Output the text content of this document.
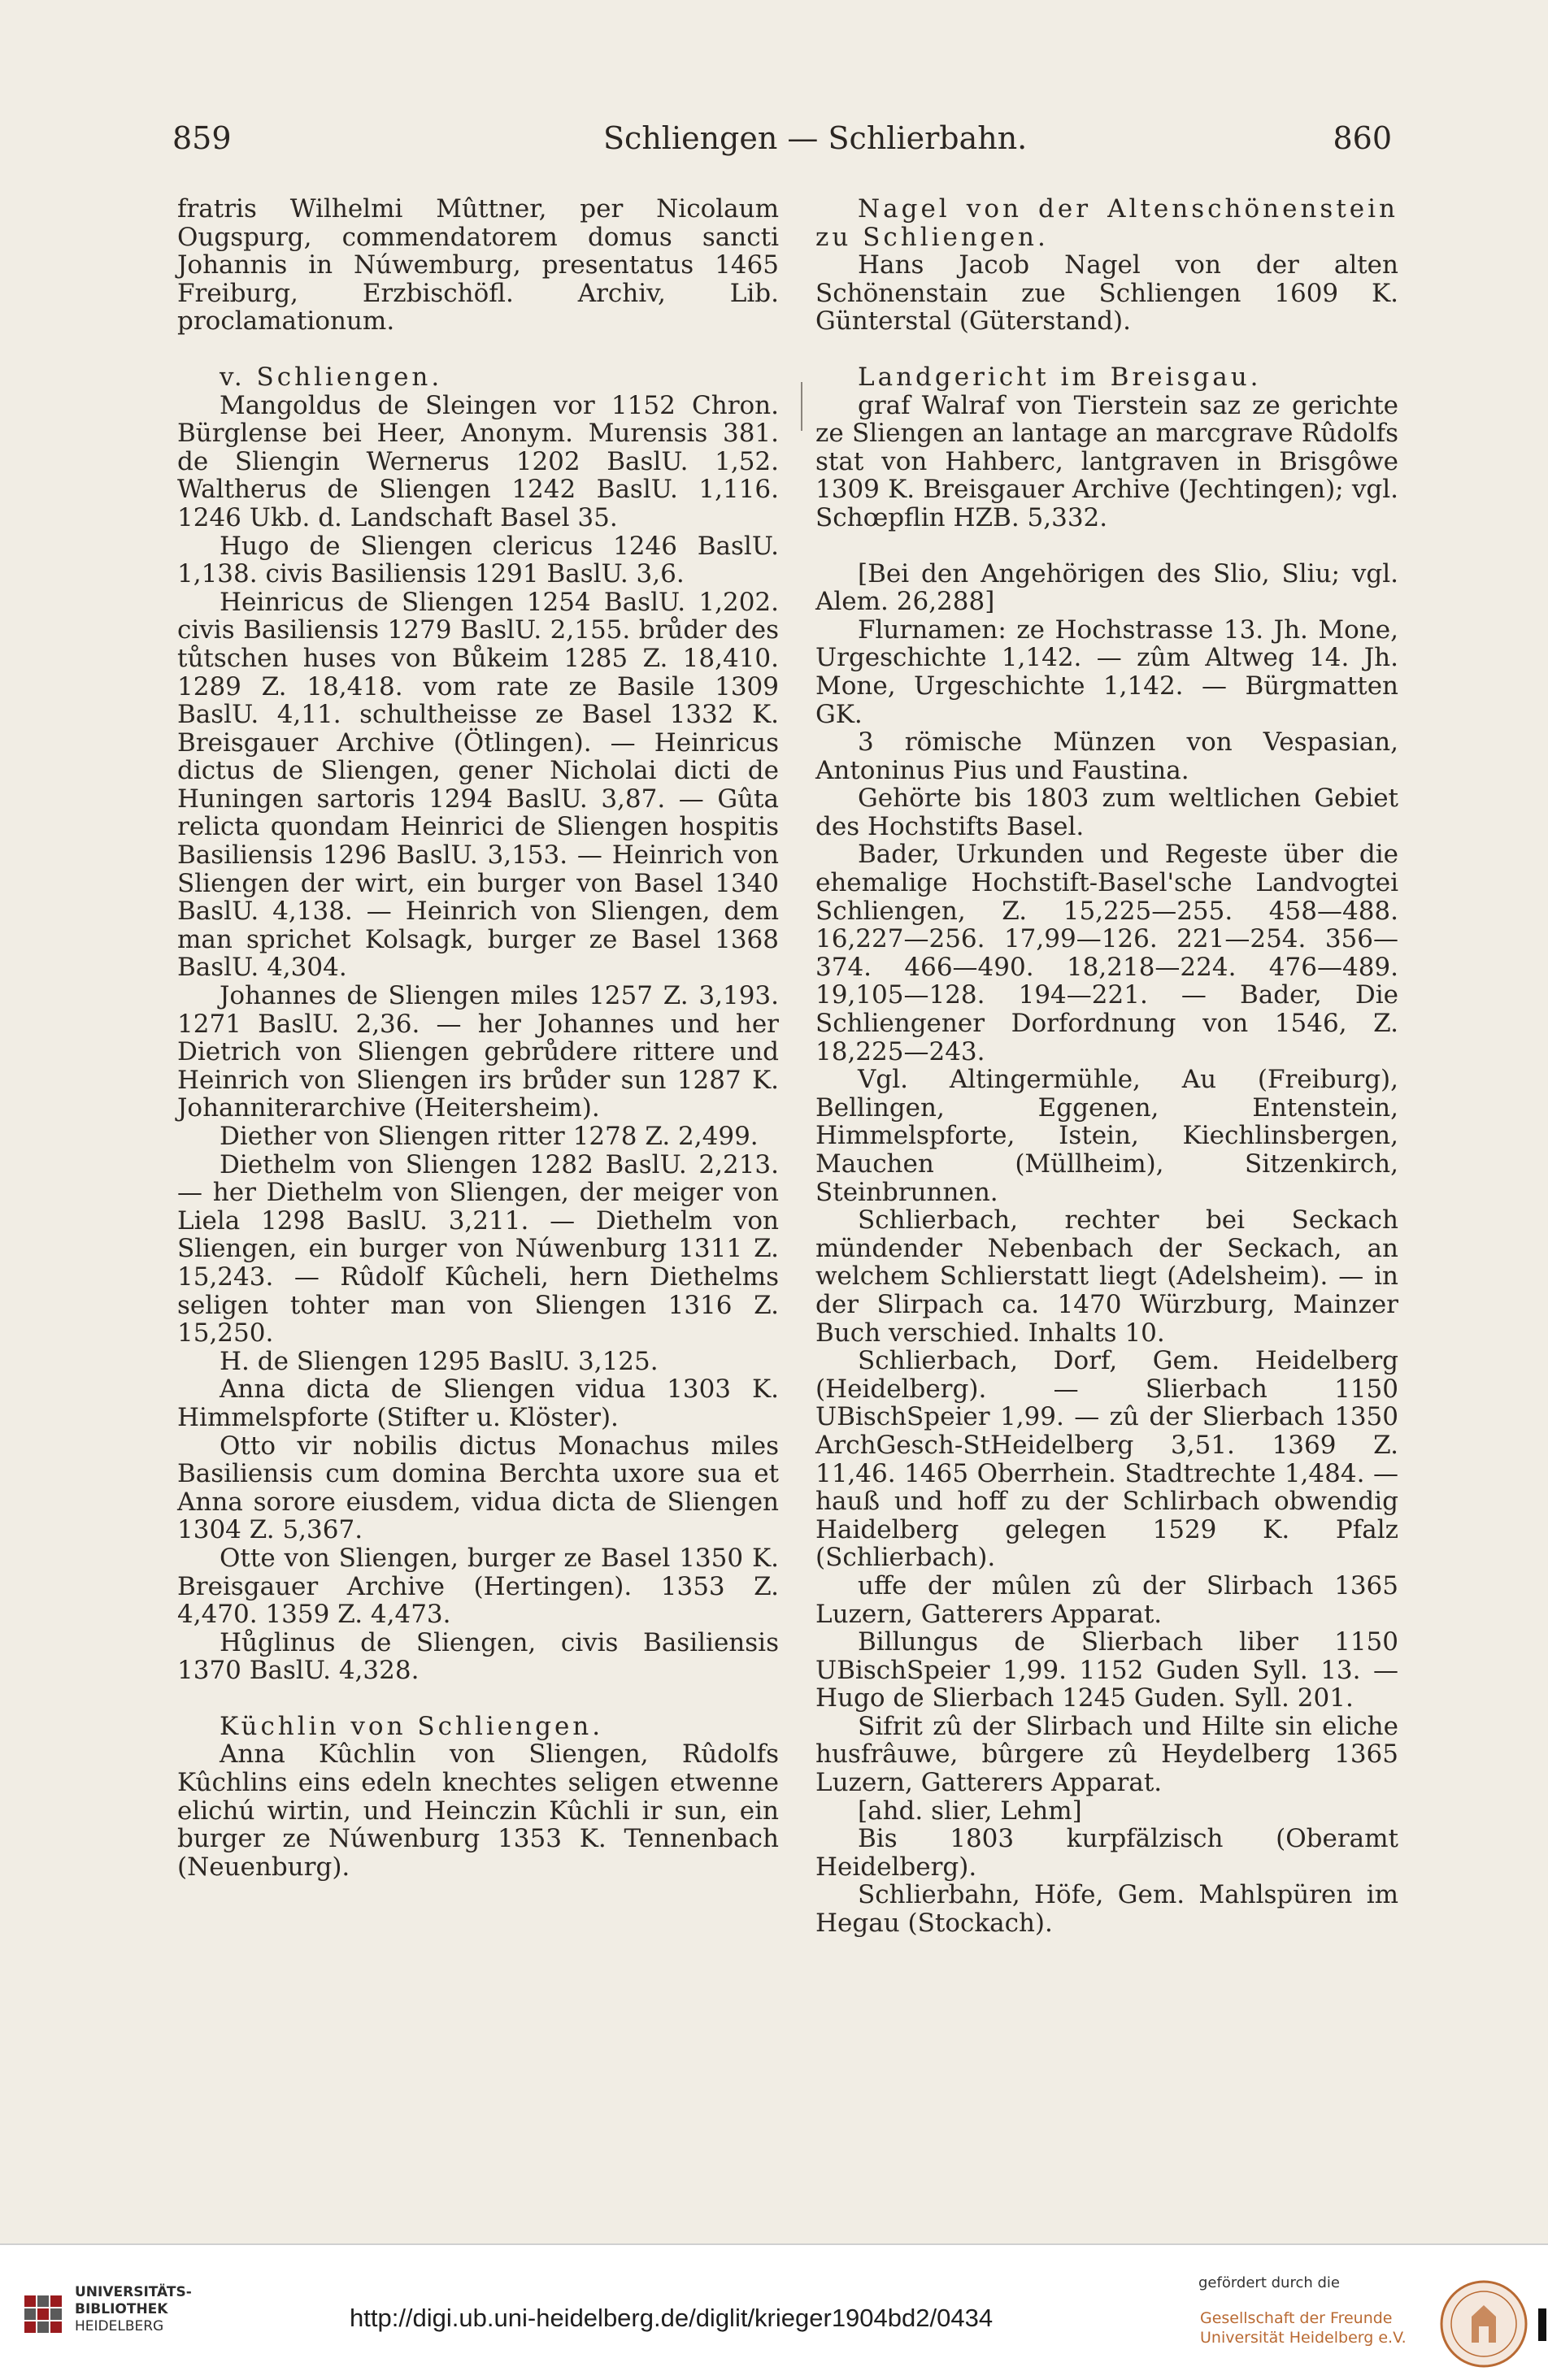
859	Schliengen — Schlierbahn.	860

fratris Wilhelmi Mûttner, per Nicolaum Ougspurg, commendatorem domus sancti Johannis in Núwemburg, presentatus 1465 Freiburg, Erzbischöfl. Archiv, Lib. proclamationum.

v. Schliengen.

Mangoldus de Sleingen vor 1152 Chron. Bürglense bei Heer, Anonym. Murensis 381. de Sliengin Wernerus 1202 BaslU. 1,52. Waltherus de Sliengen 1242 BaslU. 1,116. 1246 Ukb. d. Landschaft Basel 35.

Hugo de Sliengen clericus 1246 BaslU. 1,138. civis Basiliensis 1291 BaslU. 3,6.

Heinricus de Sliengen 1254 BaslU. 1,202. civis Basiliensis 1279 BaslU. 2,155. brůder des tůtschen huses von Bůkeim 1285 Z. 18,410. 1289 Z. 18,418. vom rate ze Basile 1309 BaslU. 4,11. schultheisse ze Basel 1332 K. Breisgauer Archive (Ötlingen). — Heinricus dictus de Sliengen, gener Nicholai dicti de Huningen sartoris 1294 BaslU. 3,87. — Gûta relicta quondam Heinrici de Sliengen hospitis Basiliensis 1296 BaslU. 3,153. — Heinrich von Sliengen der wirt, ein burger von Basel 1340 BaslU. 4,138. — Heinrich von Sliengen, dem man sprichet Kolsagk, burger ze Basel 1368 BaslU. 4,304.

Johannes de Sliengen miles 1257 Z. 3,193. 1271 BaslU. 2,36. — her Johannes und her Dietrich von Sliengen gebrůdere rittere und Heinrich von Sliengen irs brůder sun 1287 K. Johanniterarchive (Heitersheim).

Diether von Sliengen ritter 1278 Z. 2,499.

Diethelm von Sliengen 1282 BaslU. 2,213. — her Diethelm von Sliengen, der meiger von Liela 1298 BaslU. 3,211. — Diethelm von Sliengen, ein burger von Núwenburg 1311 Z. 15,243. — Rûdolf Kûcheli, hern Diethelms seligen tohter man von Sliengen 1316 Z. 15,250.

H. de Sliengen 1295 BaslU. 3,125.

Anna dicta de Sliengen vidua 1303 K. Himmelspforte (Stifter u. Klöster).

Otto vir nobilis dictus Monachus miles Basiliensis cum domina Berchta uxore sua et Anna sorore eiusdem, vidua dicta de Sliengen 1304 Z. 5,367.

Otte von Sliengen, burger ze Basel 1350 K. Breisgauer Archive (Hertingen). 1353 Z. 4,470. 1359 Z. 4,473.

Hůglinus de Sliengen, civis Basiliensis 1370 BaslU. 4,328.

Küchlin von Schliengen.

Anna Kûchlin von Sliengen, Rûdolfs Kûchlins eins edeln knechtes seligen etwenne elichú wirtin, und Heinczin Kûchli ir sun, ein burger ze Núwenburg 1353 K. Tennenbach (Neuenburg).

Nagel von der Altenschönenstein zu Schliengen.

Hans Jacob Nagel von der alten Schönenstain zue Schliengen 1609 K. Günterstal (Güterstand).

Landgericht im Breisgau.

graf Walraf von Tierstein saz ze gerichte ze Sliengen an lantage an marcgrave Rûdolfs stat von Hahberc, lantgraven in Brisgôwe 1309 K. Breisgauer Archive (Jechtingen); vgl. Schœpflin HZB. 5,332.

[Bei den Angehörigen des Slio, Sliu; vgl. Alem. 26,288]

Flurnamen: ze Hochstrasse 13. Jh. Mone, Urgeschichte 1,142. — zûm Altweg 14. Jh. Mone, Urgeschichte 1,142. — Bürgmatten GK.

3 römische Münzen von Vespasian, Antoninus Pius und Faustina.

Gehörte bis 1803 zum weltlichen Gebiet des Hochstifts Basel.

Bader, Urkunden und Regeste über die ehemalige Hochstift-Basel'sche Landvogtei Schliengen, Z. 15,225—255. 458—488. 16,227—256. 17,99—126. 221—254. 356—374. 466—490. 18,218—224. 476—489. 19,105—128. 194—221. — Bader, Die Schliengener Dorfordnung von 1546, Z. 18,225—243.

Vgl. Altingermühle, Au (Freiburg), Bellingen, Eggenen, Entenstein, Himmelspforte, Istein, Kiechlinsbergen, Mauchen (Müllheim), Sitzenkirch, Steinbrunnen.

Schlierbach, rechter bei Seckach mündender Nebenbach der Seckach, an welchem Schlierstatt liegt (Adelsheim). — in der Slirpach ca. 1470 Würzburg, Mainzer Buch verschied. Inhalts 10.

Schlierbach, Dorf, Gem. Heidelberg (Heidelberg). — Slierbach 1150 UBischSpeier 1,99. — zû der Slierbach 1350 ArchGesch-StHeidelberg 3,51. 1369 Z. 11,46. 1465 Oberrhein. Stadtrechte 1,484. — hauß und hoff zu der Schlirbach obwendig Haidelberg gelegen 1529 K. Pfalz (Schlierbach).

uffe der mûlen zû der Slirbach 1365 Luzern, Gatterers Apparat.

Billungus de Slierbach liber 1150 UBischSpeier 1,99. 1152 Guden Syll. 13. — Hugo de Slierbach 1245 Guden. Syll. 201.

Sifrit zû der Slirbach und Hilte sin eliche husfrâuwe, bûrgere zû Heydelberg 1365 Luzern, Gatterers Apparat.

[ahd. slier, Lehm]

Bis 1803 kurpfälzisch (Oberamt Heidelberg).

Schlierbahn, Höfe, Gem. Mahlspüren im Hegau (Stockach).

UNIVERSITÄTS-
BIBLIOTHEK
HEIDELBERG	http://digi.ub.uni-heidelberg.de/diglit/krieger1904bd2/0434
gefördert durch die
Gesellschaft der Freunde
Universität Heidelberg e.V.
